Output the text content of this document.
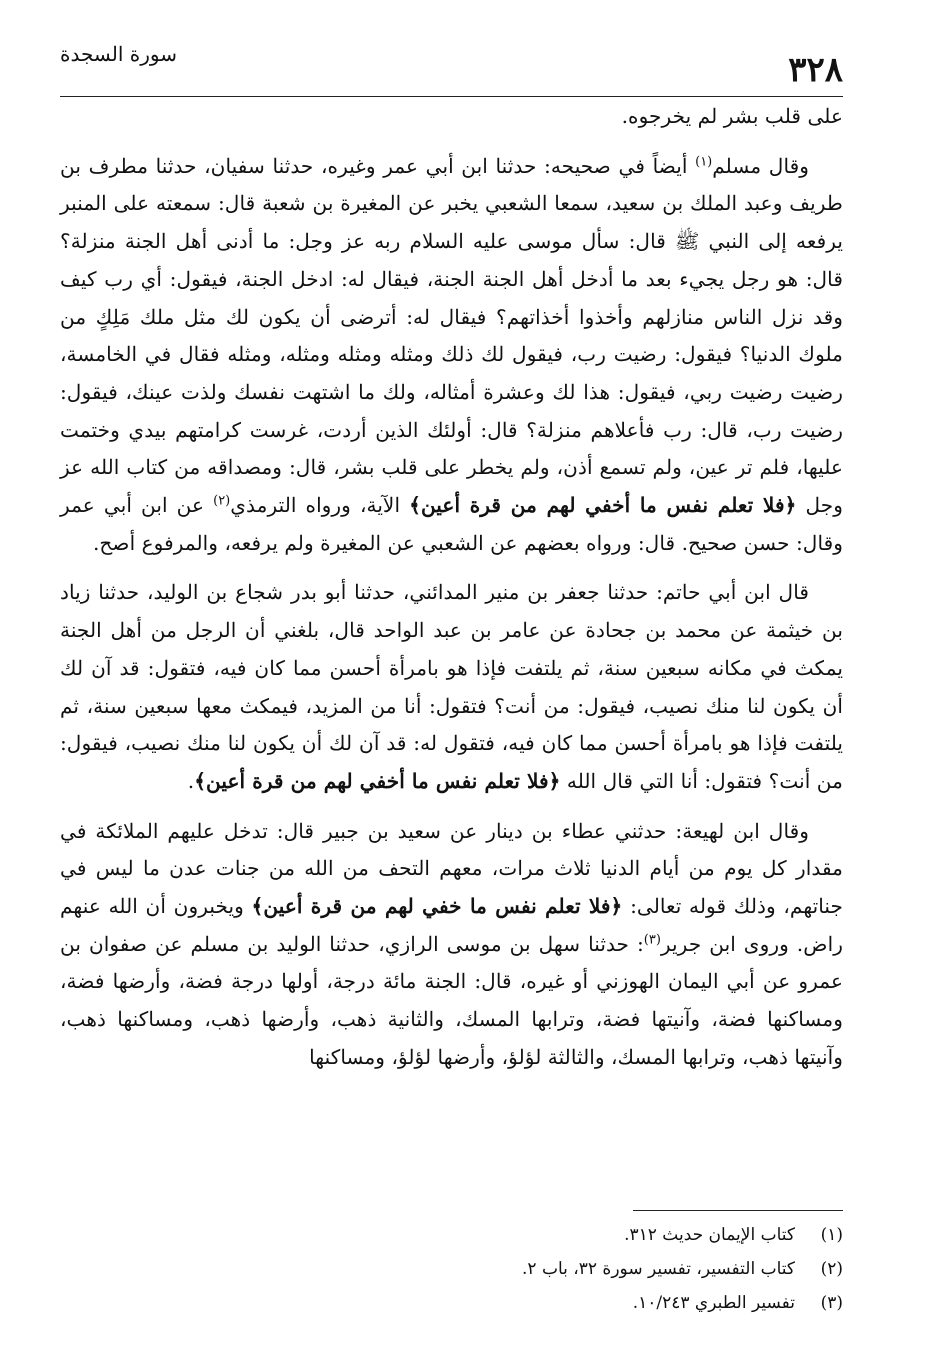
٣٢٨
سورة السجدة

على قلب بشر لم يخرجوه.

وقال مسلم$^{(١)}$ أيضاً في صحيحه: حدثنا ابن أبي عمر وغيره، حدثنا سفيان، حدثنا مطرف بن طريف وعبد الملك بن سعيد، سمعا الشعبي يخبر عن المغيرة بن شعبة قال: سمعته على المنبر يرفعه إلى النبي ﷺ قال: سأل موسى عليه السلام ربه عز وجل: ما أدنى أهل الجنة منزلة؟ قال: هو رجل يجيء بعد ما أدخل أهل الجنة الجنة، فيقال له: ادخل الجنة، فيقول: أي رب كيف وقد نزل الناس منازلهم وأخذوا أخذاتهم؟ فيقال له: أترضى أن يكون لك مثل ملك مَلِكٍ من ملوك الدنيا؟ فيقول: رضيت رب، فيقول لك ذلك ومثله ومثله ومثله، ومثله فقال في الخامسة، رضيت رضيت ربي، فيقول: هذا لك وعشرة أمثاله، ولك ما اشتهت نفسك ولذت عينك، فيقول: رضيت رب، قال: رب فأعلاهم منزلة؟ قال: أولئك الذين أردت، غرست كرامتهم بيدي وختمت عليها، فلم تر عين، ولم تسمع أذن، ولم يخطر على قلب بشر، قال: ومصداقه من كتاب الله عز وجل ﴿فلا تعلم نفس ما أخفي لهم من قرة أعين﴾ الآية، ورواه الترمذي$^{(٢)}$ عن ابن أبي عمر وقال: حسن صحيح. قال: ورواه بعضهم عن الشعبي عن المغيرة ولم يرفعه، والمرفوع أصح.

قال ابن أبي حاتم: حدثنا جعفر بن منير المدائني، حدثنا أبو بدر شجاع بن الوليد، حدثنا زياد بن خيثمة عن محمد بن جحادة عن عامر بن عبد الواحد قال، بلغني أن الرجل من أهل الجنة يمكث في مكانه سبعين سنة، ثم يلتفت فإذا هو بامرأة أحسن مما كان فيه، فتقول: قد آن لك أن يكون لنا منك نصيب، فيقول: من أنت؟ فتقول: أنا من المزيد، فيمكث معها سبعين سنة، ثم يلتفت فإذا هو بامرأة أحسن مما كان فيه، فتقول له: قد آن لك أن يكون لنا منك نصيب، فيقول: من أنت؟ فتقول: أنا التي قال الله ﴿فلا تعلم نفس ما أخفي لهم من قرة أعين﴾.

وقال ابن لهيعة: حدثني عطاء بن دينار عن سعيد بن جبير قال: تدخل عليهم الملائكة في مقدار كل يوم من أيام الدنيا ثلاث مرات، معهم التحف من الله من جنات عدن ما ليس في جناتهم، وذلك قوله تعالى: ﴿فلا تعلم نفس ما خفي لهم من قرة أعين﴾ ويخبرون أن الله عنهم راض. وروى ابن جرير$^{(٣)}$: حدثنا سهل بن موسى الرازي، حدثنا الوليد بن مسلم عن صفوان بن عمرو عن أبي اليمان الهوزني أو غيره، قال: الجنة مائة درجة، أولها درجة فضة، وأرضها فضة، ومساكنها فضة، وآنيتها فضة، وترابها المسك، والثانية ذهب، وأرضها ذهب، ومساكنها ذهب، وآنيتها ذهب، وترابها المسك، والثالثة لؤلؤ، وأرضها لؤلؤ، ومساكنها

(١)كتاب الإيمان حديث ٣١٢.
(٢)كتاب التفسير، تفسير سورة ٣٢، باب ٢.
(٣)تفسير الطبري ١٠/٢٤٣.
